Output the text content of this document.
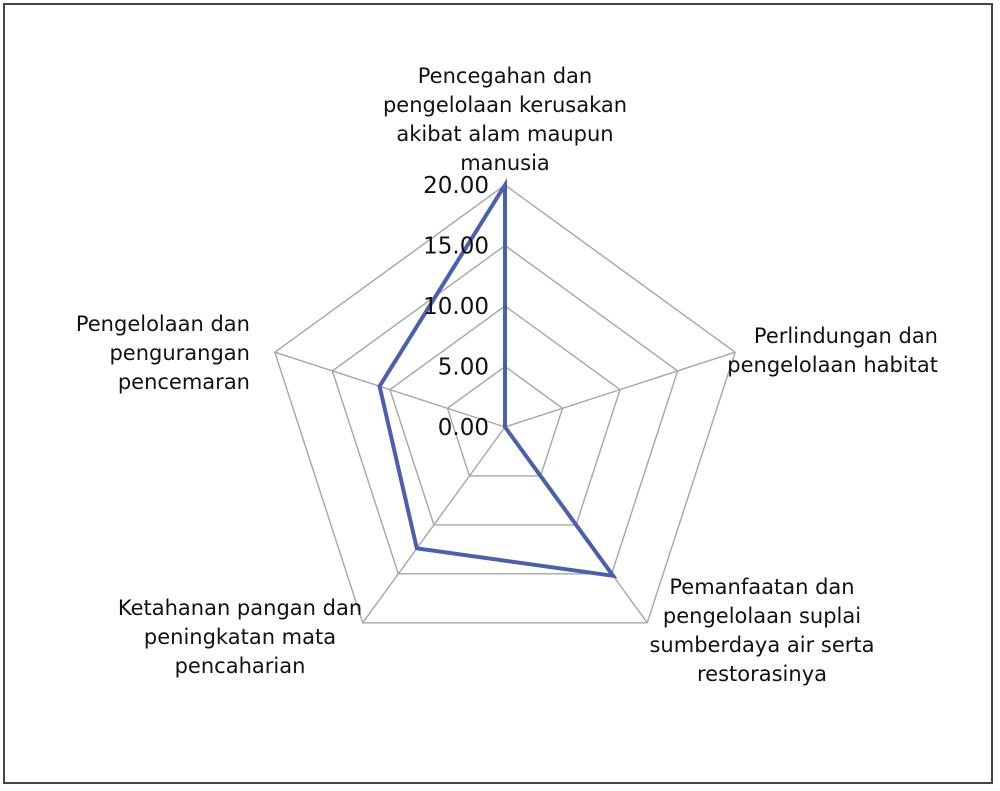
0.00
5.00
10.00
15.00
20.00
Pencegahan dan
pengelolaan kerusakan
akibat alam maupun
manusia
Perlindungan dan
pengelolaan habitat
Pemanfaatan dan
pengelolaan suplai
sumberdaya air serta
restorasinya
Ketahanan pangan dan
peningkatan mata
pencaharian
Pengelolaan dan
pengurangan
pencemaran
